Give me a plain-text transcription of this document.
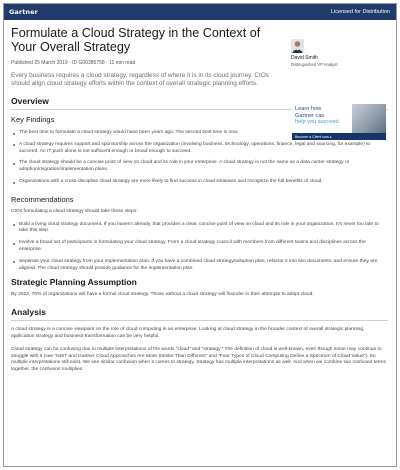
Gartner	Licensed for Distribution
Formulate a Cloud Strategy in the Context of Your Overall Strategy
David Smith
Distinguished VP Analyst
Published 25 March 2019 - ID G00385758 - 11 min read

Every business requires a cloud strategy, regardless of where it is in its cloud journey. CIOs should align cloud strategy efforts within the context of overall strategic planning efforts.

Learn how
Gartner can
help you succeed.
Become a Client now ▸
Overview
Key Findings
The best time to formulate a cloud strategy would have been years ago. The second best time is now.
A cloud strategy requires support and sponsorship across the organization (involving business, technology, operations, finance, legal and sourcing, for example) to succeed. An IT push alone is not sufficient enough or broad enough to succeed.
The cloud strategy should be a concise point of view on cloud and its role in your enterprise. A cloud strategy is not the same as a data center strategy or adoption/migration/implementation plans.
Organizations with a cross-discipline cloud strategy are more likely to find success in cloud initiatives and recognize the full benefits of cloud.
Recommendations

CIOs formulating a cloud strategy should take these steps:

Build a living cloud strategy document. If you haven't already, that provides a clear, concise point of view on cloud and its role in your organization. It's never too late to take this step.
Involve a broad set of participants in formulating your cloud strategy. Form a cloud strategy council with members from different teams and disciplines across the enterprise.
Separate your cloud strategy from your implementation plan. If you have a combined cloud strategy/adoption plan, refactor it into two documents, and ensure they are aligned. The cloud strategy should provide guidance for the implementation plan.
Strategic Planning Assumption

By 2022, 70% of organizations will have a formal cloud strategy. Those without a cloud strategy will flounder in their attempts to adopt cloud.

Analysis

A cloud strategy is a concise viewpoint on the role of cloud computing in an enterprise. Looking at cloud strategy in the broader context of overall strategic planning, application strategy and business transformation can be very helpful.

Cloud strategy can be confusing due to multiple interpretations of the words “cloud” and “strategy.” The definition of cloud is well-known, even though some may continue to struggle with it (see “NIST and Gartner Cloud Approaches Are More Similar Than Different” and “Four Types of Cloud Computing Define a Spectrum of Cloud Value”). So multiple interpretations still exist. We see similar confusion when it comes to strategy. Strategy has multiple interpretations as well. And when we combine two confused terms together, the confusion multiplies.
